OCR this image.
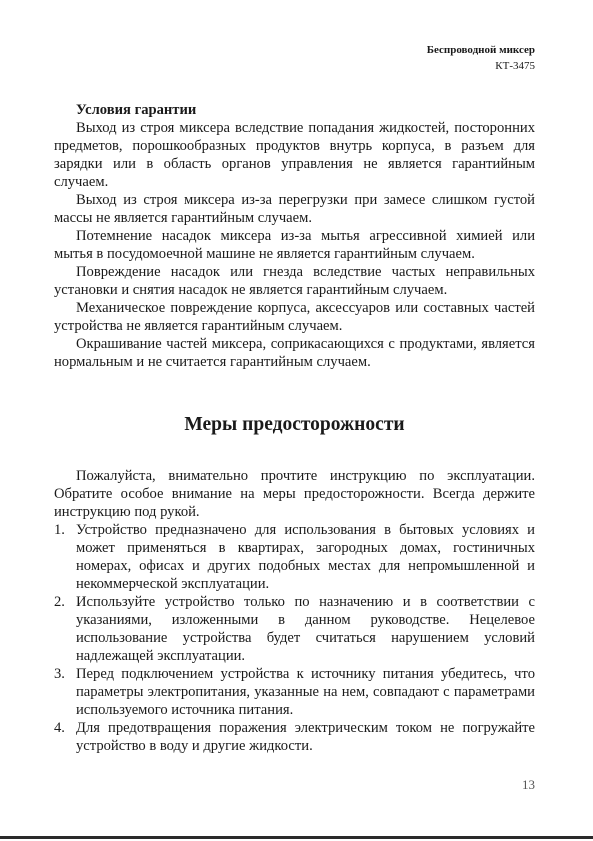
Беспроводной миксер
КТ-3475
Условия гарантии

Выход из строя миксера вследствие попадания жидкостей, посторонних предметов, порошкообразных продуктов внутрь корпуса, в разъем для зарядки или в область органов управления не является гарантийным случаем.

Выход из строя миксера из-за перегрузки при замесе слишком густой массы не является гарантийным случаем.

Потемнение насадок миксера из-за мытья агрессивной химией или мытья в посудомоечной машине не является гарантийным случаем.

Повреждение насадок или гнезда вследствие частых неправильных установки и снятия насадок не является гарантийным случаем.

Механическое повреждение корпуса, аксессуаров или составных частей устройства не является гарантийным случаем.

Окрашивание частей миксера, соприкасающихся с продуктами, является нормальным и не считается гарантийным случаем.

Меры предосторожности

Пожалуйста, внимательно прочтите инструкцию по эксплуатации. Обратите особое внимание на меры предосторожности. Всегда держите инструкцию под рукой.

1. Устройство предназначено для использования в бытовых условиях и может применяться в квартирах, загородных домах, гостиничных номерах, офисах и других подобных местах для непромышленной и некоммерческой эксплуатации.
2. Используйте устройство только по назначению и в соответствии с указаниями, изложенными в данном руководстве. Нецелевое использование устройства будет считаться нарушением условий надлежащей эксплуатации.
3. Перед подключением устройства к источнику питания убедитесь, что параметры электропитания, указанные на нем, совпадают с параметрами используемого источника питания.
4. Для предотвращения поражения электрическим током не погружайте устройство в воду и другие жидкости.
13
